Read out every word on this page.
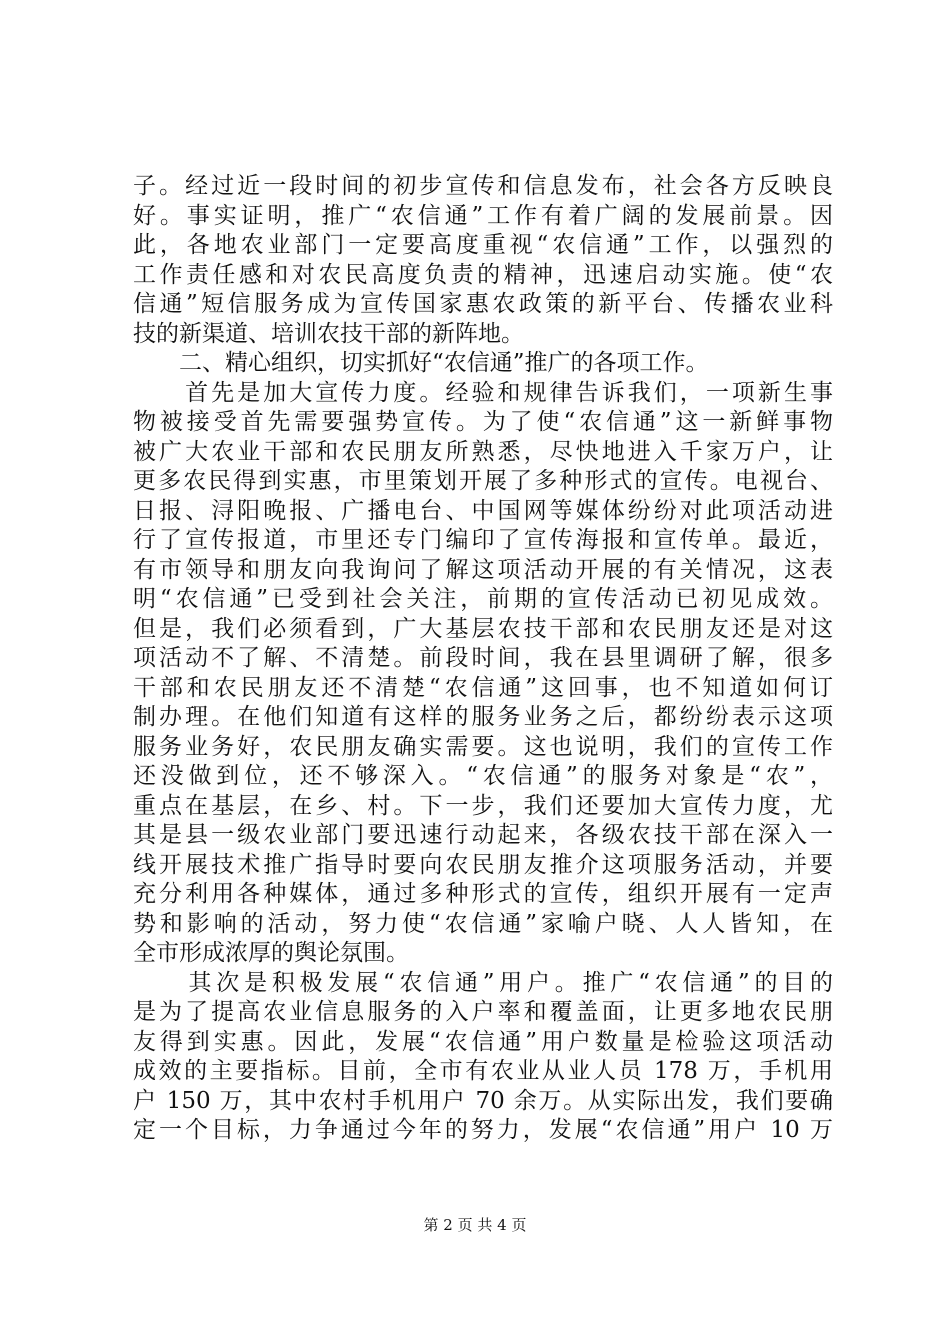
子。经过近一段时间的初步宣传和信息发布，社会各方反映良
好。事实证明，推广“农信通”工作有着广阔的发展前景。因
此，各地农业部门一定要高度重视“农信通”工作，以强烈的
工作责任感和对农民高度负责的精神，迅速启动实施。使“农
信通”短信服务成为宣传国家惠农政策的新平台、传播农业科
技的新渠道、培训农技干部的新阵地。
　　二、精心组织，切实抓好“农信通”推广的各项工作。
　　首先是加大宣传力度。经验和规律告诉我们，一项新生事
物被接受首先需要强势宣传。为了使“农信通”这一新鲜事物
被广大农业干部和农民朋友所熟悉，尽快地进入千家万户，让
更多农民得到实惠，市里策划开展了多种形式的宣传。电视台、
日报、浔阳晚报、广播电台、中国网等媒体纷纷对此项活动进
行了宣传报道，市里还专门编印了宣传海报和宣传单。最近，
有市领导和朋友向我询问了解这项活动开展的有关情况，这表
明“农信通”已受到社会关注，前期的宣传活动已初见成效。
但是，我们必须看到，广大基层农技干部和农民朋友还是对这
项活动不了解、不清楚。前段时间，我在县里调研了解，很多
干部和农民朋友还不清楚“农信通”这回事，也不知道如何订
制办理。在他们知道有这样的服务业务之后，都纷纷表示这项
服务业务好，农民朋友确实需要。这也说明，我们的宣传工作
还没做到位，还不够深入。“农信通”的服务对象是“农”，
重点在基层，在乡、村。下一步，我们还要加大宣传力度，尤
其是县一级农业部门要迅速行动起来，各级农技干部在深入一
线开展技术推广指导时要向农民朋友推介这项服务活动，并要
充分利用各种媒体，通过多种形式的宣传，组织开展有一定声
势和影响的活动，努力使“农信通”家喻户晓、人人皆知，在
全市形成浓厚的舆论氛围。
　　其次是积极发展“农信通”用户。推广“农信通”的目的
是为了提高农业信息服务的入户率和覆盖面，让更多地农民朋
友得到实惠。因此，发展“农信通”用户数量是检验这项活动
成效的主要指标。目前，全市有农业从业人员 178 万，手机用
户 150 万，其中农村手机用户 70 余万。从实际出发，我们要确
定一个目标，力争通过今年的努力，发展“农信通”用户 10 万
第 2 页 共 4 页
